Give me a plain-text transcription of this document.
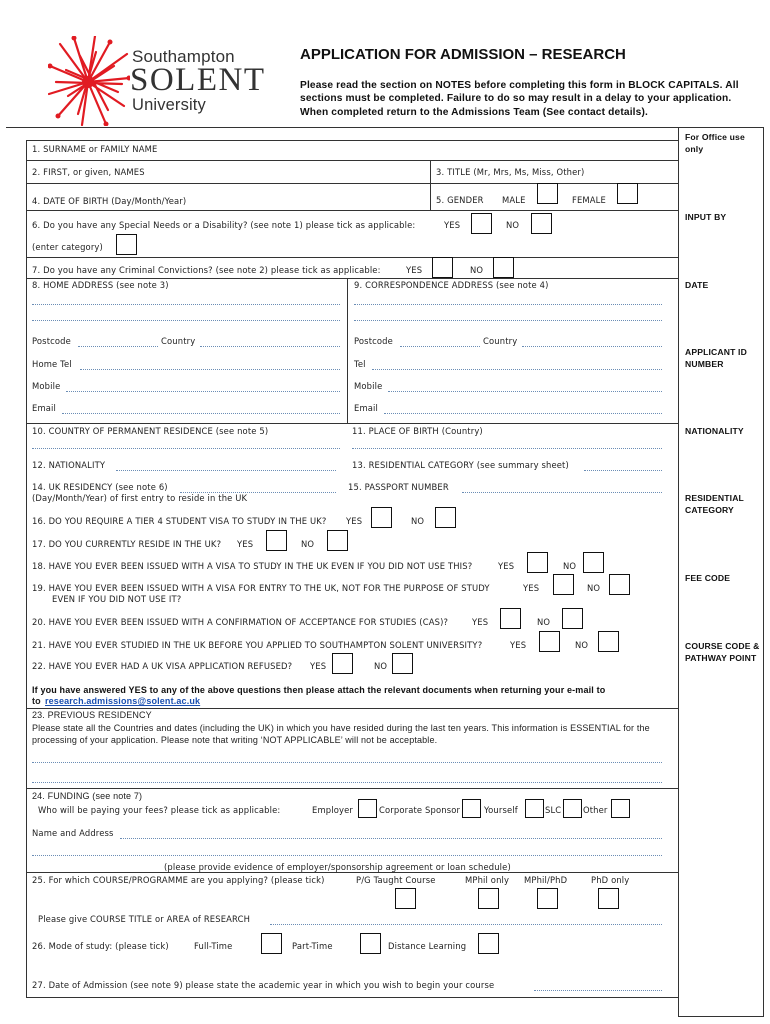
Southampton
SOLENT
University
APPLICATION FOR ADMISSION – RESEARCH
Please read the section on NOTES before completing this form in BLOCK CAPITALS. All sections must be completed. Failure to do so may result in a delay to your application. When completed return to the Admissions Team (See contact details).
For Office use only
INPUT BY
DATE
APPLICANT ID NUMBER
NATIONALITY
RESIDENTIAL CATEGORY
FEE CODE
COURSE CODE & PATHWAY POINT
1. SURNAME or FAMILY NAME
2. FIRST, or given, NAMES	3. TITLE (Mr, Mrs, Ms, Miss, Other)
4. DATE OF BIRTH (Day/Month/Year)	5. GENDER MALE	FEMALE
6. Do you have any Special Needs or a Disability? (see note 1) please tick as applicable:	YES	NO
(enter category)
7. Do you have any Criminal Convictions? (see note 2) please tick as applicable:	YES	NO
8. HOME ADDRESS (see note 3)	9. CORRESPONDENCE ADDRESS (see note 4)
Postcode	Country	Postcode	Country
Home Tel	Tel
Mobile	Mobile
Email	Email
10. COUNTRY OF PERMANENT RESIDENCE (see note 5)	11. PLACE OF BIRTH (Country)
12. NATIONALITY	13. RESIDENTIAL CATEGORY (see summary sheet)
14. UK RESIDENCY (see note 6)
(Day/Month/Year) of first entry to reside in the UK
15. PASSPORT NUMBER
16. DO YOU REQUIRE A TIER 4 STUDENT VISA TO STUDY IN THE UK? YES	NO
17. DO YOU CURRENTLY RESIDE IN THE UK? YES	NO
18. HAVE YOU EVER BEEN ISSUED WITH A VISA TO STUDY IN THE UK EVEN IF YOU DID NOT USE THIS?	YES	NO
19. HAVE YOU EVER BEEN ISSUED WITH A VISA FOR ENTRY TO THE UK, NOT FOR THE PURPOSE OF STUDY
EVEN IF YOU DID NOT USE IT?
YES	NO
20. HAVE YOU EVER BEEN ISSUED WITH A CONFIRMATION OF ACCEPTANCE FOR STUDIES (CAS)?	YES	NO
21. HAVE YOU EVER STUDIED IN THE UK BEFORE YOU APPLIED TO SOUTHAMPTON SOLENT UNIVERSITY?	YES	NO
22. HAVE YOU EVER HAD A UK VISA APPLICATION REFUSED? YES	NO
If you have answered YES to any of the above questions then please attach the relevant documents when returning your e-mail to
research.admissions@solent.ac.uk
to
23. PREVIOUS RESIDENCY
Please state all the Countries and dates (including the UK) in which you have resided during the last ten years. This information is ESSENTIAL for the processing of your application. Please note that writing ‘NOT APPLICABLE’ will not be acceptable.
24. FUNDING (see note 7)
Who will be paying your fees? please tick as applicable:	Employer	Corporate Sponsor	Yourself	SLC	Other
Name and Address
(please provide evidence of employer/sponsorship agreement or loan schedule)
25. For which COURSE/PROGRAMME are you applying? (please tick)	P/G Taught Course	MPhil only MPhil/PhD	PhD only
Please give COURSE TITLE or AREA of RESEARCH
26. Mode of study: (please tick)	Full-Time	Part-Time	Distance Learning
27. Date of Admission (see note 9) please state the academic year in which you wish to begin your course
